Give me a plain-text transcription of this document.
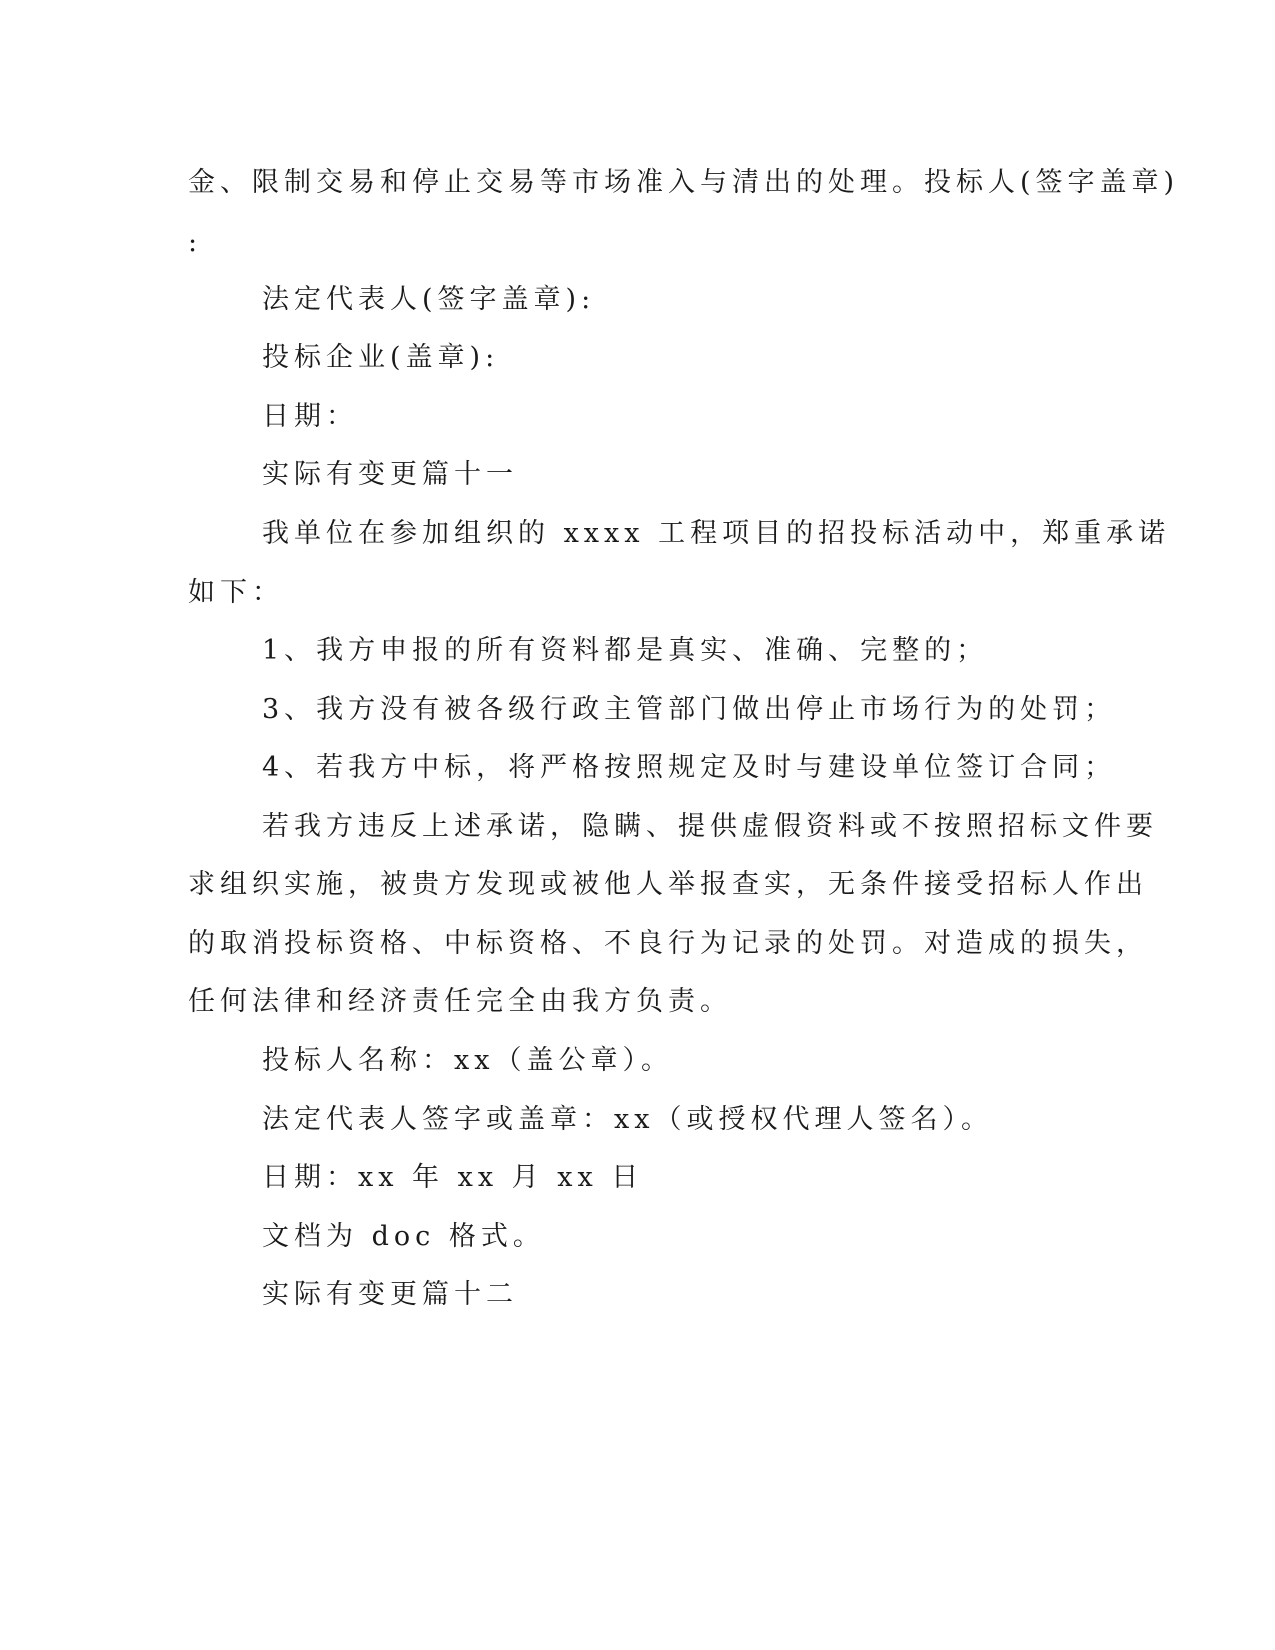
金、限制交易和停止交易等市场准入与清出的处理。投标人(签字盖章)

:

法定代表人(签字盖章):

投标企业(盖章):

日期：

实际有变更篇十一

我单位在参加组织的 xxxx 工程项目的招投标活动中，郑重承诺

如下：

1、我方申报的所有资料都是真实、准确、完整的；

3、我方没有被各级行政主管部门做出停止市场行为的处罚；

4、若我方中标，将严格按照规定及时与建设单位签订合同；

若我方违反上述承诺，隐瞒、提供虚假资料或不按照招标文件要

求组织实施，被贵方发现或被他人举报查实，无条件接受招标人作出

的取消投标资格、中标资格、不良行为记录的处罚。对造成的损失，

任何法律和经济责任完全由我方负责。

投标人名称：xx（盖公章）。

法定代表人签字或盖章：xx（或授权代理人签名）。

日期：xx 年 xx 月 xx 日

文档为 doc 格式。

实际有变更篇十二
